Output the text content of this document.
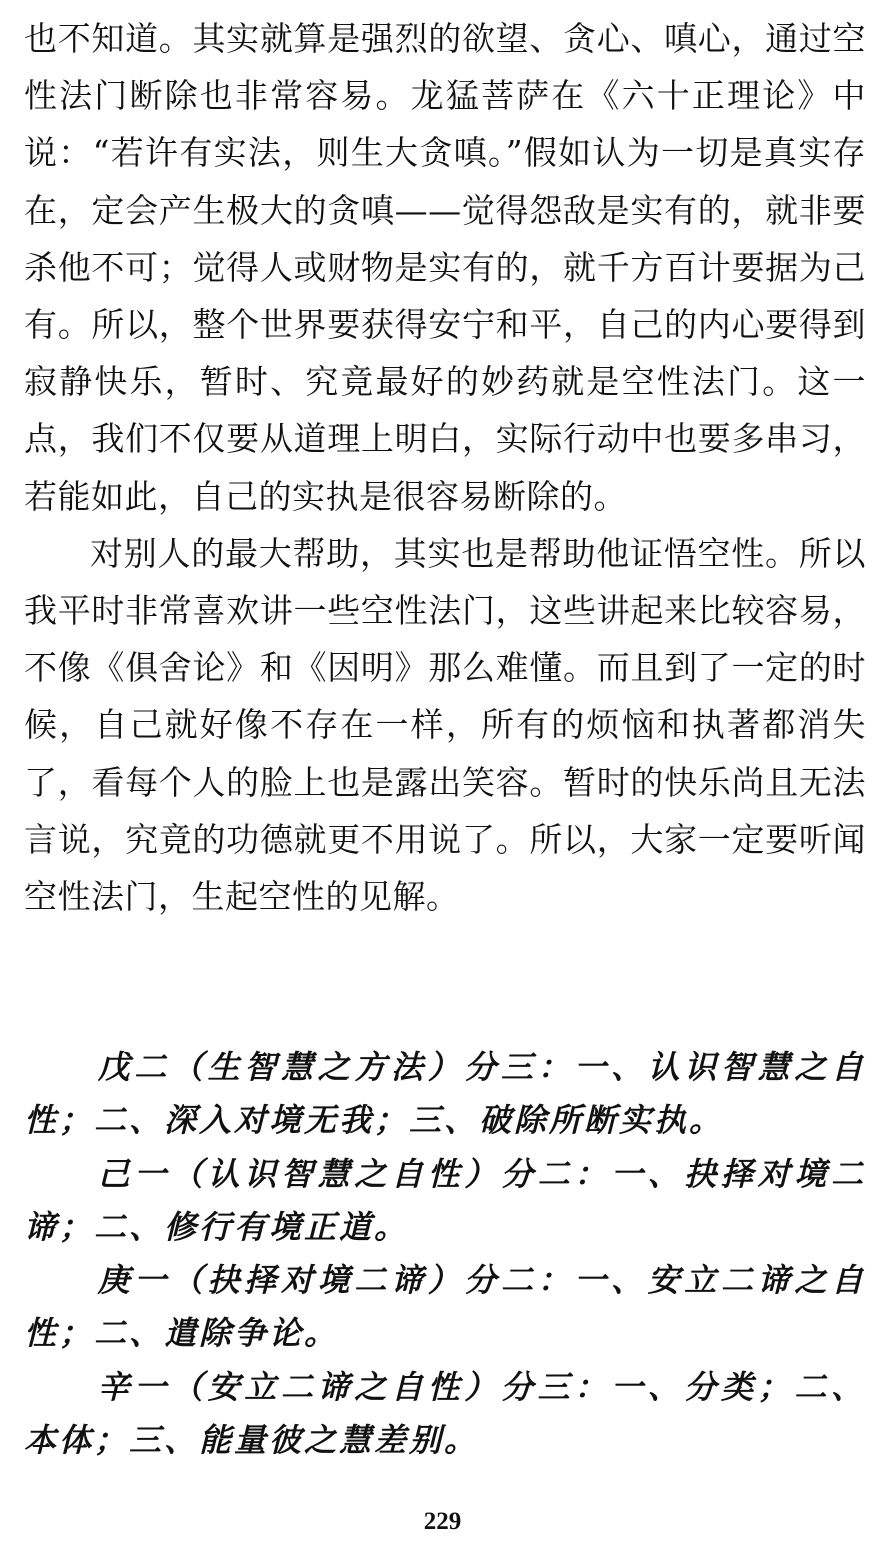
也不知道。其实就算是强烈的欲望、贪心、嗔心，通过空性法门断除也非常容易。龙猛菩萨在《六十正理论》中说：“若许有实法，则生大贪嗔。”假如认为一切是真实存在，定会产生极大的贪嗔——觉得怨敌是实有的，就非要杀他不可；觉得人或财物是实有的，就千方百计要据为己有。所以，整个世界要获得安宁和平，自己的内心要得到寂静快乐，暂时、究竟最好的妙药就是空性法门。这一点，我们不仅要从道理上明白，实际行动中也要多串习，若能如此，自己的实执是很容易断除的。

对别人的最大帮助，其实也是帮助他证悟空性。所以我平时非常喜欢讲一些空性法门，这些讲起来比较容易，不像《俱舍论》和《因明》那么难懂。而且到了一定的时候，自己就好像不存在一样，所有的烦恼和执著都消失了，看每个人的脸上也是露出笑容。暂时的快乐尚且无法言说，究竟的功德就更不用说了。所以，大家一定要听闻空性法门，生起空性的见解。

戊二（生智慧之方法）分三：一、认识智慧之自性；二、深入对境无我；三、破除所断实执。

己一（认识智慧之自性）分二：一、抉择对境二谛；二、修行有境正道。

庚一（抉择对境二谛）分二：一、安立二谛之自性；二、遣除争论。

辛一（安立二谛之自性）分三：一、分类；二、本体；三、能量彼之慧差别。

229
